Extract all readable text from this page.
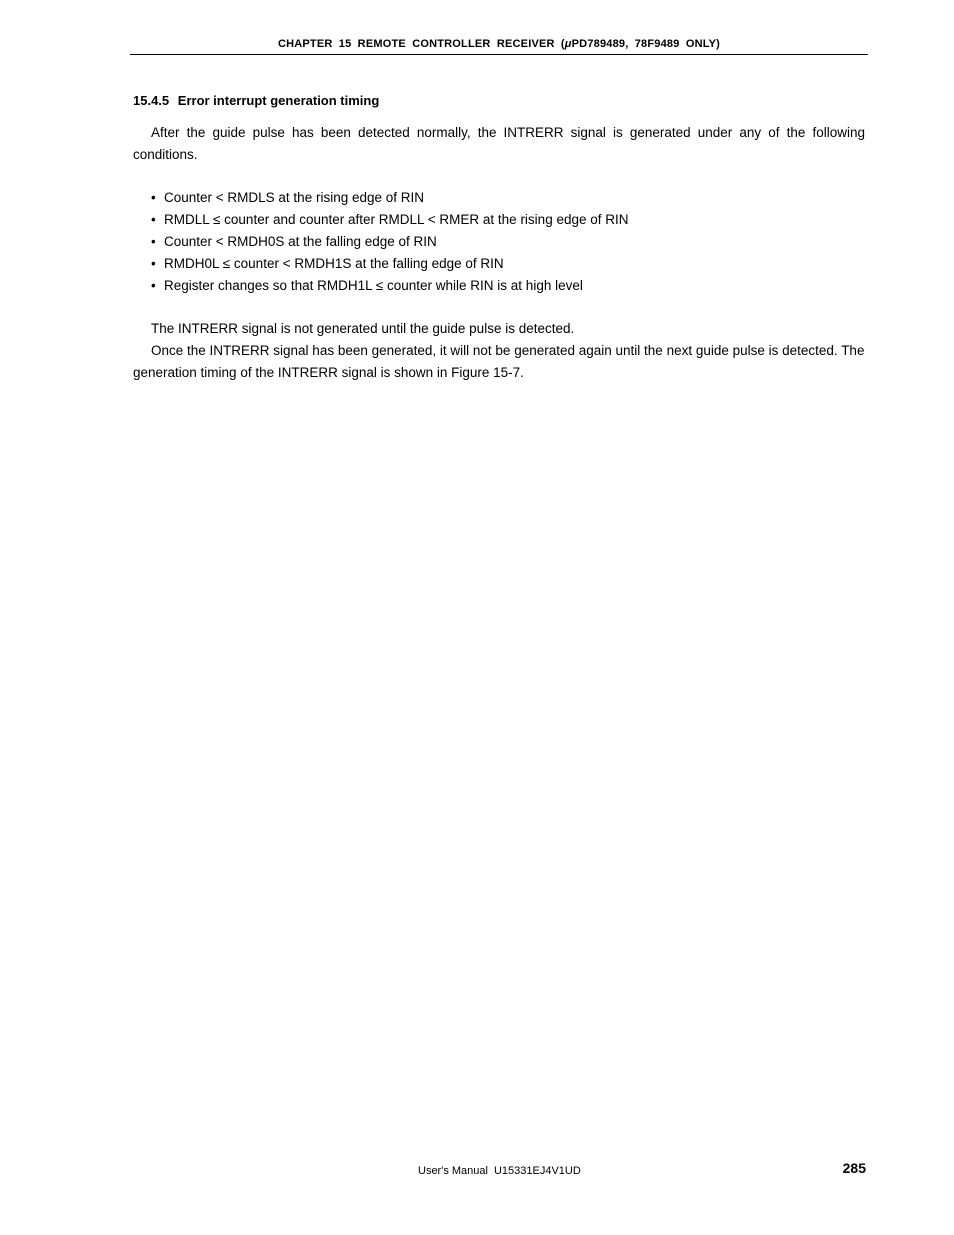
CHAPTER 15 REMOTE CONTROLLER RECEIVER (μPD789489, 78F9489 ONLY)
15.4.5 Error interrupt generation timing
After the guide pulse has been detected normally, the INTRERR signal is generated under any of the following conditions.
• Counter < RMDLS at the rising edge of RIN
• RMDLL ≤ counter and counter after RMDLL < RMER at the rising edge of RIN
• Counter < RMDH0S at the falling edge of RIN
• RMDH0L ≤ counter < RMDH1S at the falling edge of RIN
• Register changes so that RMDH1L ≤ counter while RIN is at high level
The INTRERR signal is not generated until the guide pulse is detected.
Once the INTRERR signal has been generated, it will not be generated again until the next guide pulse is detected. The generation timing of the INTRERR signal is shown in Figure 15-7.
User's Manual U15331EJ4V1UD	285
